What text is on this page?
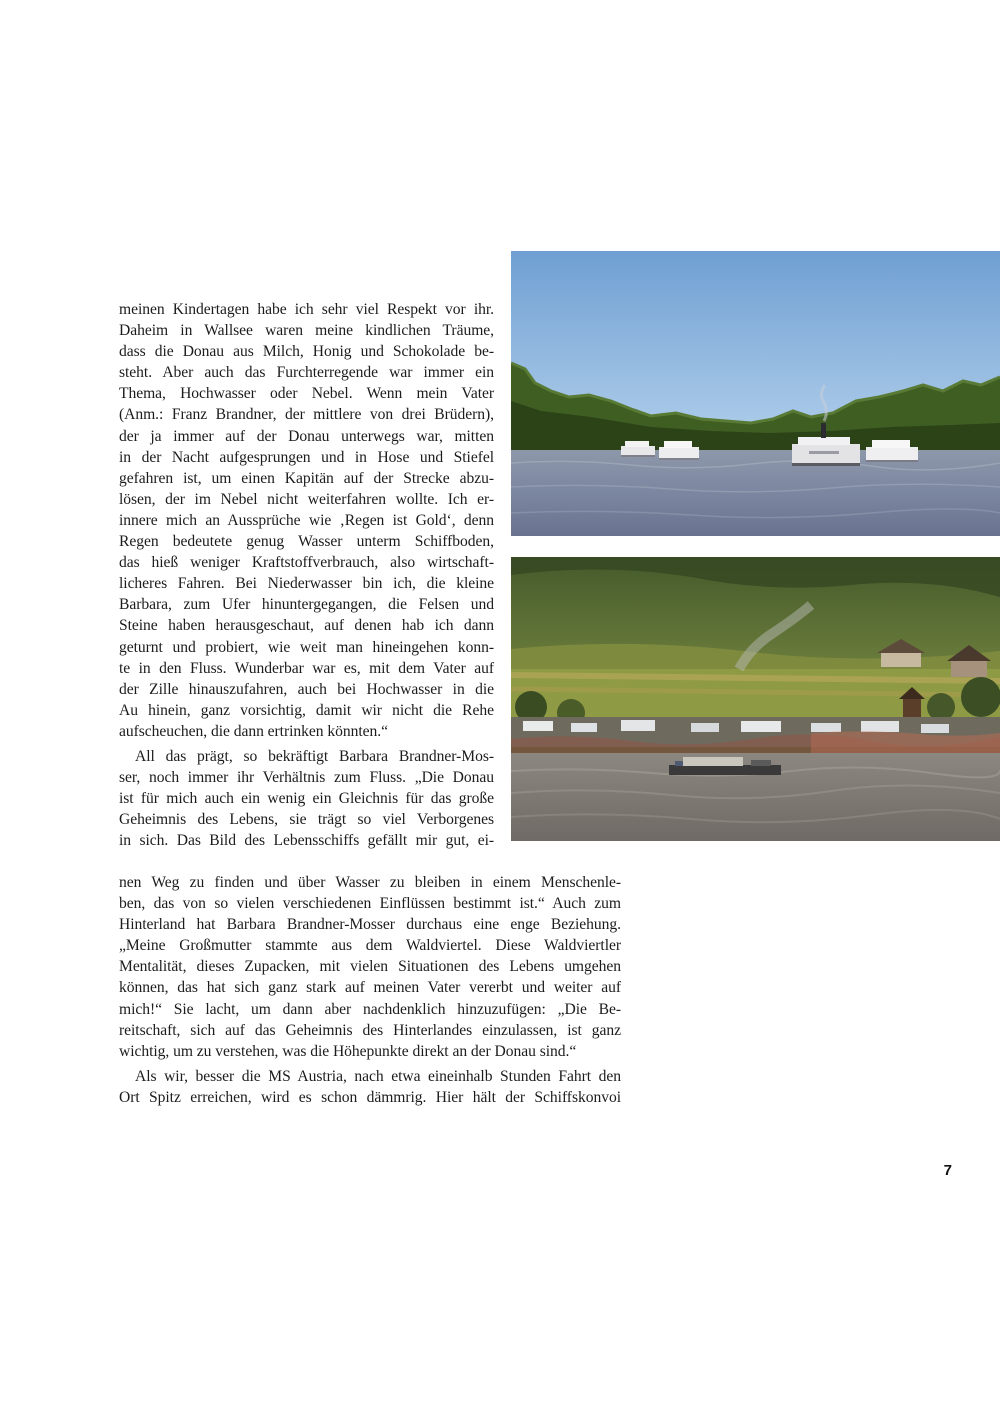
meinen Kindertagen habe ich sehr viel Respekt vor ihr.
Daheim in Wallsee waren meine kindlichen Träume,
dass die Donau aus Milch, Honig und Schokolade be-
steht. Aber auch das Furchterregende war immer ein
Thema, Hochwasser oder Nebel. Wenn mein Vater
(Anm.: Franz Brandner, der mittlere von drei Brüdern),
der ja immer auf der Donau unterwegs war, mitten
in der Nacht aufgesprungen und in Hose und Stiefel
gefahren ist, um einen Kapitän auf der Strecke abzu-
lösen, der im Nebel nicht weiterfahren wollte. Ich er-
innere mich an Aussprüche wie ‚Regen ist Gold‘, denn
Regen bedeutete genug Wasser unterm Schiffboden,
das hieß weniger Kraftstoffverbrauch, also wirtschaft-
licheres Fahren. Bei Niederwasser bin ich, die kleine
Barbara, zum Ufer hinuntergegangen, die Felsen und
Steine haben herausgeschaut, auf denen hab ich dann
geturnt und probiert, wie weit man hineingehen konn-
te in den Fluss. Wunderbar war es, mit dem Vater auf
der Zille hinauszufahren, auch bei Hochwasser in die
Au hinein, ganz vorsichtig, damit wir nicht die Rehe
aufscheuchen, die dann ertrinken könnten.“
All das prägt, so bekräftigt Barbara Brandner-Mos-
ser, noch immer ihr Verhältnis zum Fluss. „Die Donau
ist für mich auch ein wenig ein Gleichnis für das große
Geheimnis des Lebens, sie trägt so viel Verborgenes
in sich. Das Bild des Lebensschiffs gefällt mir gut, ei-
nen Weg zu finden und über Wasser zu bleiben in einem Menschenle-
ben, das von so vielen verschiedenen Einflüssen bestimmt ist.“ Auch zum
Hinterland hat Barbara Brandner-Mosser durchaus eine enge Beziehung.
„Meine Großmutter stammte aus dem Waldviertel. Diese Waldviertler
Mentalität, dieses Zupacken, mit vielen Situationen des Lebens umgehen
können, das hat sich ganz stark auf meinen Vater vererbt und weiter auf
mich!“ Sie lacht, um dann aber nachdenklich hinzuzufügen: „Die Be-
reitschaft, sich auf das Geheimnis des Hinterlandes einzulassen, ist ganz
wichtig, um zu verstehen, was die Höhepunkte direkt an der Donau sind.“
Als wir, besser die MS Austria, nach etwa eineinhalb Stunden Fahrt den
Ort Spitz erreichen, wird es schon dämmrig. Hier hält der Schiffskonvoi
7
